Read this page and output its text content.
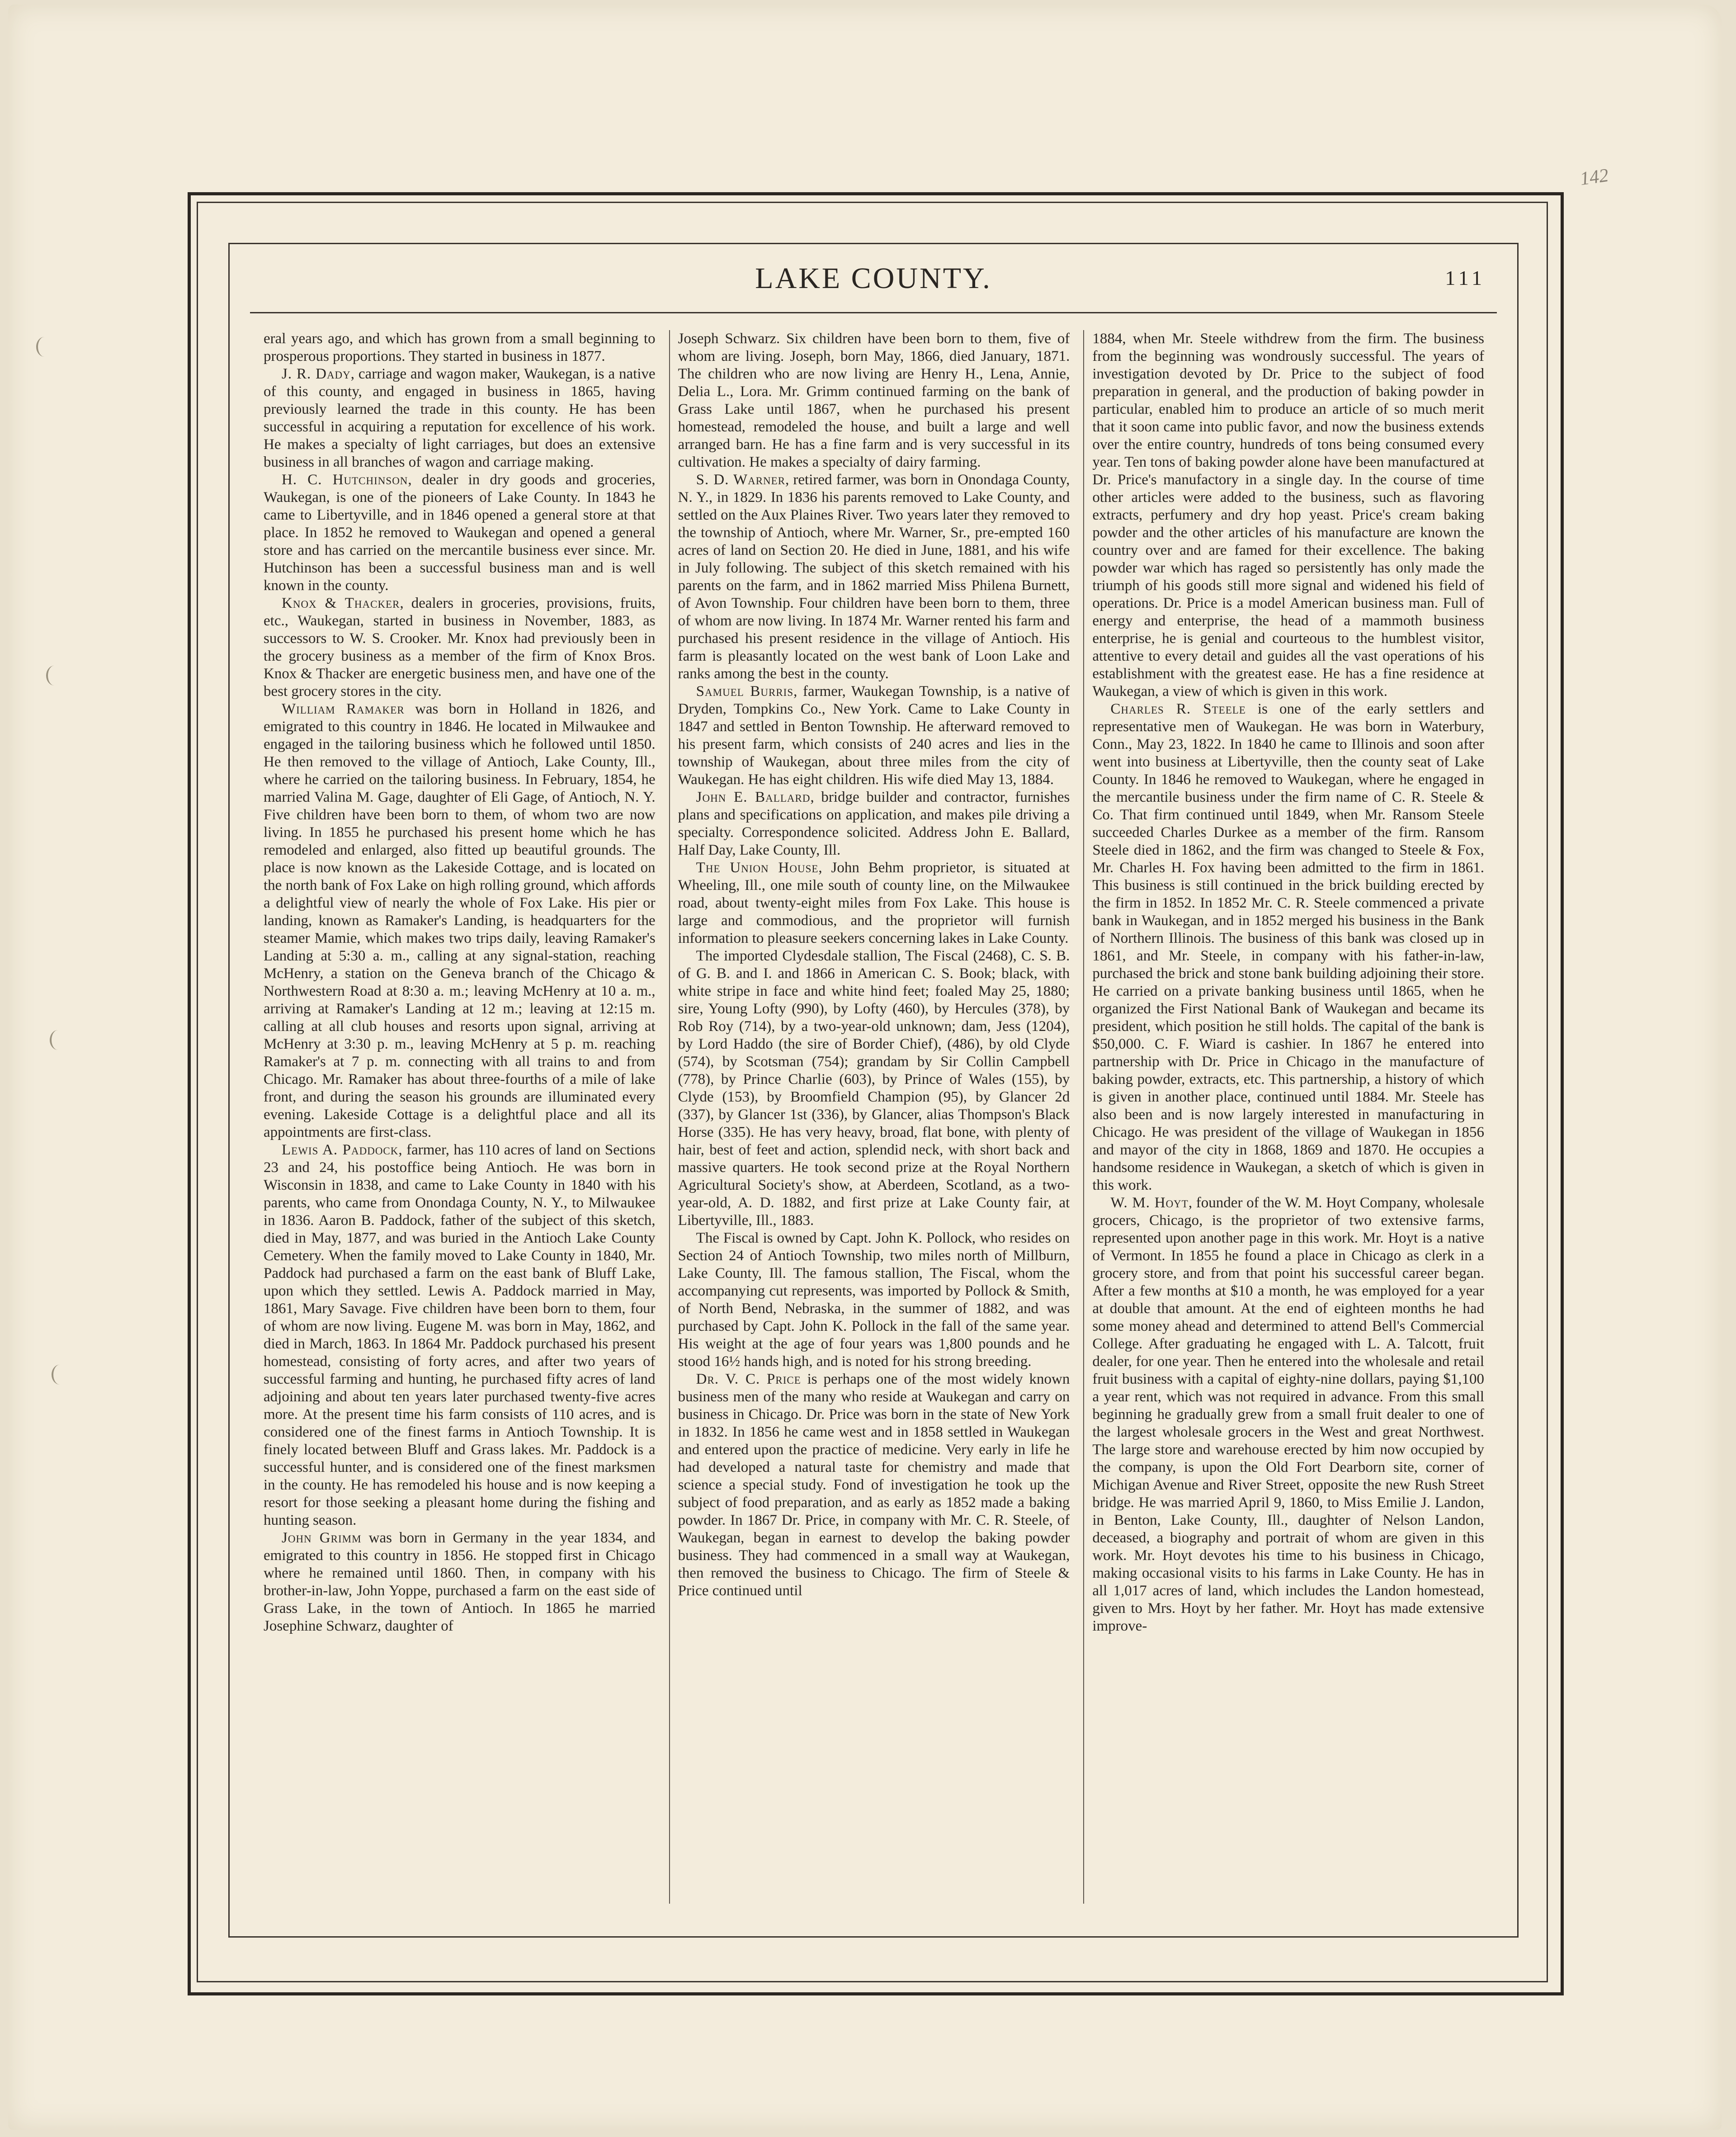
142
LAKE COUNTY.	111

eral years ago, and which has grown from a small beginning to prosperous proportions. They started in business in 1877.

J. R. Dady, carriage and wagon maker, Waukegan, is a native of this county, and engaged in business in 1865, having previously learned the trade in this county. He has been successful in acquiring a reputation for excellence of his work. He makes a specialty of light carriages, but does an extensive business in all branches of wagon and carriage making.

H. C. Hutchinson, dealer in dry goods and groceries, Waukegan, is one of the pioneers of Lake County. In 1843 he came to Libertyville, and in 1846 opened a general store at that place. In 1852 he removed to Waukegan and opened a general store and has carried on the mercantile business ever since. Mr. Hutchinson has been a successful business man and is well known in the county.

Knox & Thacker, dealers in groceries, provisions, fruits, etc., Waukegan, started in business in November, 1883, as successors to W. S. Crooker. Mr. Knox had previously been in the grocery business as a member of the firm of Knox Bros. Knox & Thacker are energetic business men, and have one of the best grocery stores in the city.

William Ramaker was born in Holland in 1826, and emigrated to this country in 1846. He located in Milwaukee and engaged in the tailoring business which he followed until 1850. He then removed to the village of Antioch, Lake County, Ill., where he carried on the tailoring business. In February, 1854, he married Valina M. Gage, daughter of Eli Gage, of Antioch, N. Y. Five children have been born to them, of whom two are now living. In 1855 he purchased his present home which he has remodeled and enlarged, also fitted up beautiful grounds. The place is now known as the Lakeside Cottage, and is located on the north bank of Fox Lake on high rolling ground, which affords a delightful view of nearly the whole of Fox Lake. His pier or landing, known as Ramaker's Landing, is headquarters for the steamer Mamie, which makes two trips daily, leaving Ramaker's Landing at 5:30 a. m., calling at any signal-station, reaching McHenry, a station on the Geneva branch of the Chicago & Northwestern Road at 8:30 a. m.; leaving McHenry at 10 a. m., arriving at Ramaker's Landing at 12 m.; leaving at 12:15 m. calling at all club houses and resorts upon signal, arriving at McHenry at 3:30 p. m., leaving McHenry at 5 p. m. reaching Ramaker's at 7 p. m. connecting with all trains to and from Chicago. Mr. Ramaker has about three-fourths of a mile of lake front, and during the season his grounds are illuminated every evening. Lakeside Cottage is a delightful place and all its appointments are first-class.

Lewis A. Paddock, farmer, has 110 acres of land on Sections 23 and 24, his postoffice being Antioch. He was born in Wisconsin in 1838, and came to Lake County in 1840 with his parents, who came from Onondaga County, N. Y., to Milwaukee in 1836. Aaron B. Paddock, father of the subject of this sketch, died in May, 1877, and was buried in the Antioch Lake County Cemetery. When the family moved to Lake County in 1840, Mr. Paddock had purchased a farm on the east bank of Bluff Lake, upon which they settled. Lewis A. Paddock married in May, 1861, Mary Savage. Five children have been born to them, four of whom are now living. Eugene M. was born in May, 1862, and died in March, 1863. In 1864 Mr. Paddock purchased his present homestead, consisting of forty acres, and after two years of successful farming and hunting, he purchased fifty acres of land adjoining and about ten years later purchased twenty-five acres more. At the present time his farm consists of 110 acres, and is considered one of the finest farms in Antioch Township. It is finely located between Bluff and Grass lakes. Mr. Paddock is a successful hunter, and is considered one of the finest marksmen in the county. He has remodeled his house and is now keeping a resort for those seeking a pleasant home during the fishing and hunting season.

John Grimm was born in Germany in the year 1834, and emigrated to this country in 1856. He stopped first in Chicago where he remained until 1860. Then, in company with his brother-in-law, John Yoppe, purchased a farm on the east side of Grass Lake, in the town of Antioch. In 1865 he married Josephine Schwarz, daughter of

Joseph Schwarz. Six children have been born to them, five of whom are living. Joseph, born May, 1866, died January, 1871. The children who are now living are Henry H., Lena, Annie, Delia L., Lora. Mr. Grimm continued farming on the bank of Grass Lake until 1867, when he purchased his present homestead, remodeled the house, and built a large and well arranged barn. He has a fine farm and is very successful in its cultivation. He makes a specialty of dairy farming.

S. D. Warner, retired farmer, was born in Onondaga County, N. Y., in 1829. In 1836 his parents removed to Lake County, and settled on the Aux Plaines River. Two years later they removed to the township of Antioch, where Mr. Warner, Sr., pre-empted 160 acres of land on Section 20. He died in June, 1881, and his wife in July following. The subject of this sketch remained with his parents on the farm, and in 1862 married Miss Philena Burnett, of Avon Township. Four children have been born to them, three of whom are now living. In 1874 Mr. Warner rented his farm and purchased his present residence in the village of Antioch. His farm is pleasantly located on the west bank of Loon Lake and ranks among the best in the county.

Samuel Burris, farmer, Waukegan Township, is a native of Dryden, Tompkins Co., New York. Came to Lake County in 1847 and settled in Benton Township. He afterward removed to his present farm, which consists of 240 acres and lies in the township of Waukegan, about three miles from the city of Waukegan. He has eight children. His wife died May 13, 1884.

John E. Ballard, bridge builder and contractor, furnishes plans and specifications on application, and makes pile driving a specialty. Correspondence solicited. Address John E. Ballard, Half Day, Lake County, Ill.

The Union House, John Behm proprietor, is situated at Wheeling, Ill., one mile south of county line, on the Milwaukee road, about twenty-eight miles from Fox Lake. This house is large and commodious, and the proprietor will furnish information to pleasure seekers concerning lakes in Lake County.

The imported Clydesdale stallion, The Fiscal (2468), C. S. B. of G. B. and I. and 1866 in American C. S. Book; black, with white stripe in face and white hind feet; foaled May 25, 1880; sire, Young Lofty (990), by Lofty (460), by Hercules (378), by Rob Roy (714), by a two-year-old unknown; dam, Jess (1204), by Lord Haddo (the sire of Border Chief), (486), by old Clyde (574), by Scotsman (754); grandam by Sir Collin Campbell (778), by Prince Charlie (603), by Prince of Wales (155), by Clyde (153), by Broomfield Champion (95), by Glancer 2d (337), by Glancer 1st (336), by Glancer, alias Thompson's Black Horse (335). He has very heavy, broad, flat bone, with plenty of hair, best of feet and action, splendid neck, with short back and massive quarters. He took second prize at the Royal Northern Agricultural Society's show, at Aberdeen, Scotland, as a two-year-old, A. D. 1882, and first prize at Lake County fair, at Libertyville, Ill., 1883.

The Fiscal is owned by Capt. John K. Pollock, who resides on Section 24 of Antioch Township, two miles north of Millburn, Lake County, Ill. The famous stallion, The Fiscal, whom the accompanying cut represents, was imported by Pollock & Smith, of North Bend, Nebraska, in the summer of 1882, and was purchased by Capt. John K. Pollock in the fall of the same year. His weight at the age of four years was 1,800 pounds and he stood 16½ hands high, and is noted for his strong breeding.

Dr. V. C. Price is perhaps one of the most widely known business men of the many who reside at Waukegan and carry on business in Chicago. Dr. Price was born in the state of New York in 1832. In 1856 he came west and in 1858 settled in Waukegan and entered upon the practice of medicine. Very early in life he had developed a natural taste for chemistry and made that science a special study. Fond of investigation he took up the subject of food preparation, and as early as 1852 made a baking powder. In 1867 Dr. Price, in company with Mr. C. R. Steele, of Waukegan, began in earnest to develop the baking powder business. They had commenced in a small way at Waukegan, then removed the business to Chicago. The firm of Steele & Price continued until

1884, when Mr. Steele withdrew from the firm. The business from the beginning was wondrously successful. The years of investigation devoted by Dr. Price to the subject of food preparation in general, and the production of baking powder in particular, enabled him to produce an article of so much merit that it soon came into public favor, and now the business extends over the entire country, hundreds of tons being consumed every year. Ten tons of baking powder alone have been manufactured at Dr. Price's manufactory in a single day. In the course of time other articles were added to the business, such as flavoring extracts, perfumery and dry hop yeast. Price's cream baking powder and the other articles of his manufacture are known the country over and are famed for their excellence. The baking powder war which has raged so persistently has only made the triumph of his goods still more signal and widened his field of operations. Dr. Price is a model American business man. Full of energy and enterprise, the head of a mammoth business enterprise, he is genial and courteous to the humblest visitor, attentive to every detail and guides all the vast operations of his establishment with the greatest ease. He has a fine residence at Waukegan, a view of which is given in this work.

Charles R. Steele is one of the early settlers and representative men of Waukegan. He was born in Waterbury, Conn., May 23, 1822. In 1840 he came to Illinois and soon after went into business at Libertyville, then the county seat of Lake County. In 1846 he removed to Waukegan, where he engaged in the mercantile business under the firm name of C. R. Steele & Co. That firm continued until 1849, when Mr. Ransom Steele succeeded Charles Durkee as a member of the firm. Ransom Steele died in 1862, and the firm was changed to Steele & Fox, Mr. Charles H. Fox having been admitted to the firm in 1861. This business is still continued in the brick building erected by the firm in 1852. In 1852 Mr. C. R. Steele commenced a private bank in Waukegan, and in 1852 merged his business in the Bank of Northern Illinois. The business of this bank was closed up in 1861, and Mr. Steele, in company with his father-in-law, purchased the brick and stone bank building adjoining their store. He carried on a private banking business until 1865, when he organized the First National Bank of Waukegan and became its president, which position he still holds. The capital of the bank is $50,000. C. F. Wiard is cashier. In 1867 he entered into partnership with Dr. Price in Chicago in the manufacture of baking powder, extracts, etc. This partnership, a history of which is given in another place, continued until 1884. Mr. Steele has also been and is now largely interested in manufacturing in Chicago. He was president of the village of Waukegan in 1856 and mayor of the city in 1868, 1869 and 1870. He occupies a handsome residence in Waukegan, a sketch of which is given in this work.

W. M. Hoyt, founder of the W. M. Hoyt Company, wholesale grocers, Chicago, is the proprietor of two extensive farms, represented upon another page in this work. Mr. Hoyt is a native of Vermont. In 1855 he found a place in Chicago as clerk in a grocery store, and from that point his successful career began. After a few months at $10 a month, he was employed for a year at double that amount. At the end of eighteen months he had some money ahead and determined to attend Bell's Commercial College. After graduating he engaged with L. A. Talcott, fruit dealer, for one year. Then he entered into the wholesale and retail fruit business with a capital of eighty-nine dollars, paying $1,100 a year rent, which was not required in advance. From this small beginning he gradually grew from a small fruit dealer to one of the largest wholesale grocers in the West and great Northwest. The large store and warehouse erected by him now occupied by the company, is upon the Old Fort Dearborn site, corner of Michigan Avenue and River Street, opposite the new Rush Street bridge. He was married April 9, 1860, to Miss Emilie J. Landon, in Benton, Lake County, Ill., daughter of Nelson Landon, deceased, a biography and portrait of whom are given in this work. Mr. Hoyt devotes his time to his business in Chicago, making occasional visits to his farms in Lake County. He has in all 1,017 acres of land, which includes the Landon homestead, given to Mrs. Hoyt by her father. Mr. Hoyt has made extensive improve-
